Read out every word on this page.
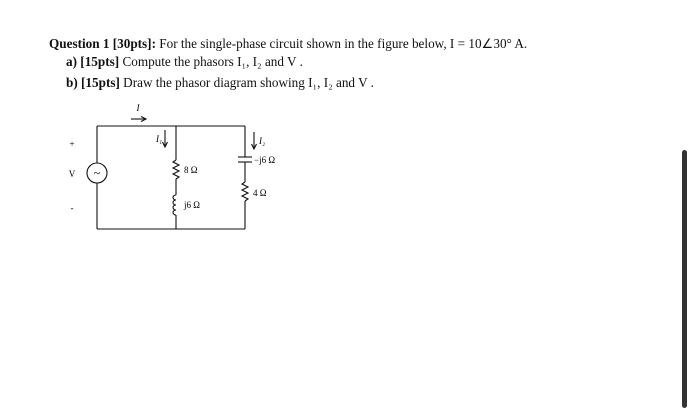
Question 1 [30pts]: For the single-phase circuit shown in the figure below, I = 10∠30° A.
a) [15pts] Compute the phasors I₁, I₂ and V .
b) [15pts] Draw the phasor diagram showing I₁, I₂ and V .
~
I
I₁	I₂
+
V
-
8 Ω
j6 Ω
−j6 Ω
4 Ω
